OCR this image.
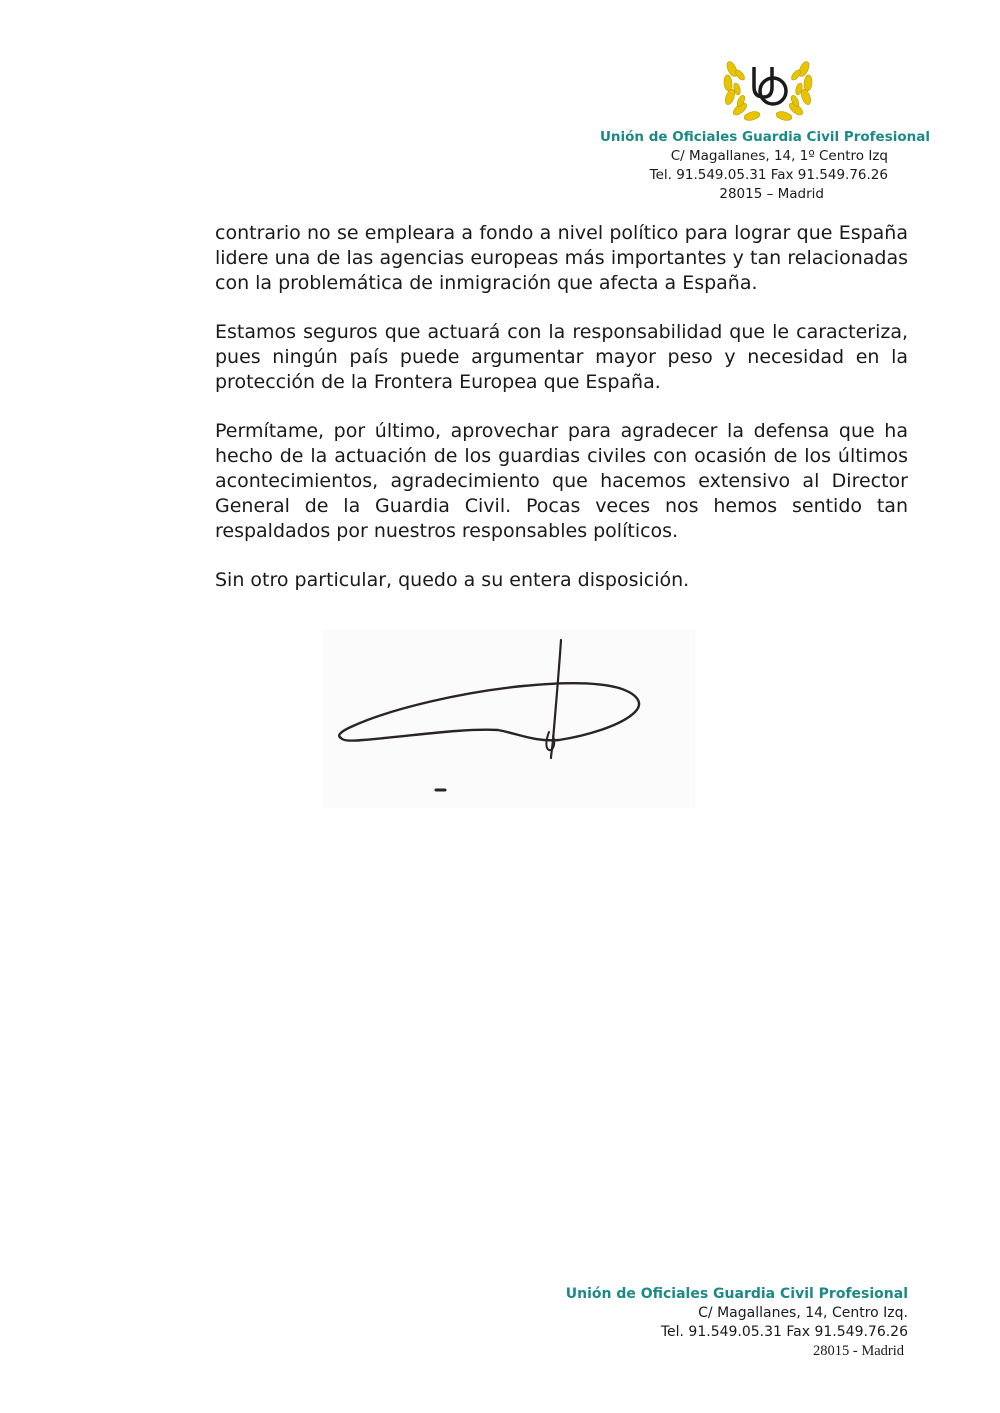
Unión de Oficiales Guardia Civil Profesional
C/ Magallanes, 14, 1º Centro Izq
Tel. 91.549.05.31 Fax 91.549.76.26
28015 – Madrid

contrario no se empleara a fondo a nivel político para lograr que España lidere una de las agencias europeas más importantes y tan relacionadas con la problemática de inmigración que afecta a España.

Estamos seguros que actuará con la responsabilidad que le caracteriza, pues ningún país puede argumentar mayor peso y necesidad en la protección de la Frontera Europea que España.

Permítame, por último, aprovechar para agradecer la defensa que ha hecho de la actuación de los guardias civiles con ocasión de los últimos acontecimientos, agradecimiento que hacemos extensivo al Director General de la Guardia Civil. Pocas veces nos hemos sentido tan respaldados por nuestros responsables políticos.

Sin otro particular, quedo a su entera disposición.

Unión de Oficiales Guardia Civil Profesional
C/ Magallanes, 14, Centro Izq.
Tel. 91.549.05.31 Fax 91.549.76.26
28015 - Madrid
